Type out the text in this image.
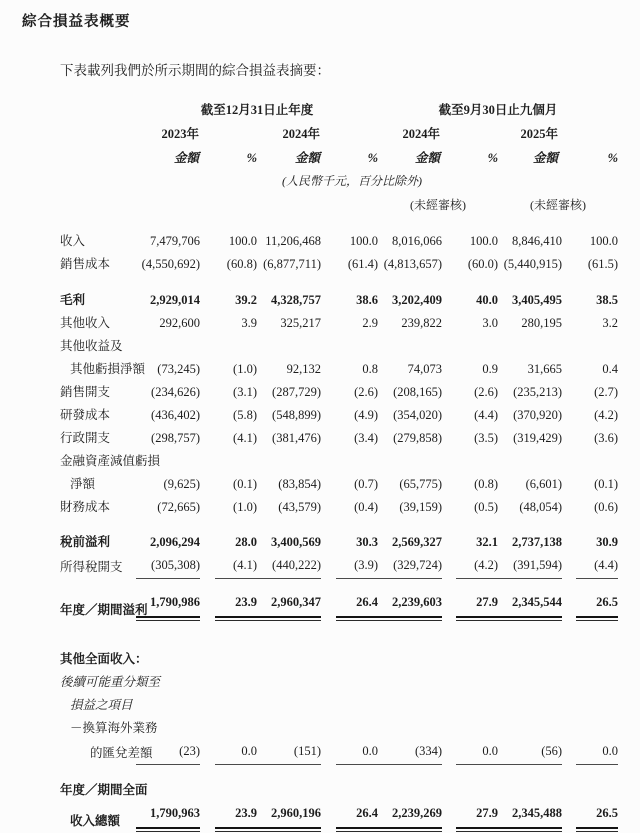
綜合損益表概要

下表載列我們於所示期間的綜合損益表摘要：

	截至12月31日止年度				截至9月30日止九個月			
	2023年		2024年		2024年		2025年	
	金額	%	金額	%	金額	%	金額	%
	(人民幣千元，百分比除外)							
					(未經審核)		(未經審核)	

收入	7,479,706	100.0	11,206,468	100.0	8,016,066	100.0	8,846,410	100.0
銷售成本	(4,550,692)	(60.8)	(6,877,711)	(61.4)	(4,813,657)	(60.0)	(5,440,915)	(61.5)

毛利	2,929,014	39.2	4,328,757	38.6	3,202,409	40.0	3,405,495	38.5
其他收入	292,600	3.9	325,217	2.9	239,822	3.0	280,195	3.2
其他收益及								
其他虧損淨額	(73,245)	(1.0)	92,132	0.8	74,073	0.9	31,665	0.4
銷售開支	(234,626)	(3.1)	(287,729)	(2.6)	(208,165)	(2.6)	(235,213)	(2.7)
研發成本	(436,402)	(5.8)	(548,899)	(4.9)	(354,020)	(4.4)	(370,920)	(4.2)
行政開支	(298,757)	(4.1)	(381,476)	(3.4)	(279,858)	(3.5)	(319,429)	(3.6)
金融資產減值虧損								
淨額	(9,625)	(0.1)	(83,854)	(0.7)	(65,775)	(0.8)	(6,601)	(0.1)
財務成本	(72,665)	(1.0)	(43,579)	(0.4)	(39,159)	(0.5)	(48,054)	(0.6)

稅前溢利	2,096,294	28.0	3,400,569	30.3	2,569,327	32.1	2,737,138	30.9
所得稅開支	(305,308)	(4.1)	(440,222)	(3.9)	(329,724)	(4.2)	(391,594)	(4.4)

年度／期間溢利	1,790,986	23.9	2,960,347	26.4	2,239,603	27.9	2,345,544	26.5

其他全面收入：								
後續可能重分類至								
損益之項目								
－換算海外業務								
的匯兌差額	(23)	0.0	(151)	0.0	(334)	0.0	(56)	0.0

年度／期間全面								
收入總額	1,790,963	23.9	2,960,196	26.4	2,239,269	27.9	2,345,488	26.5
